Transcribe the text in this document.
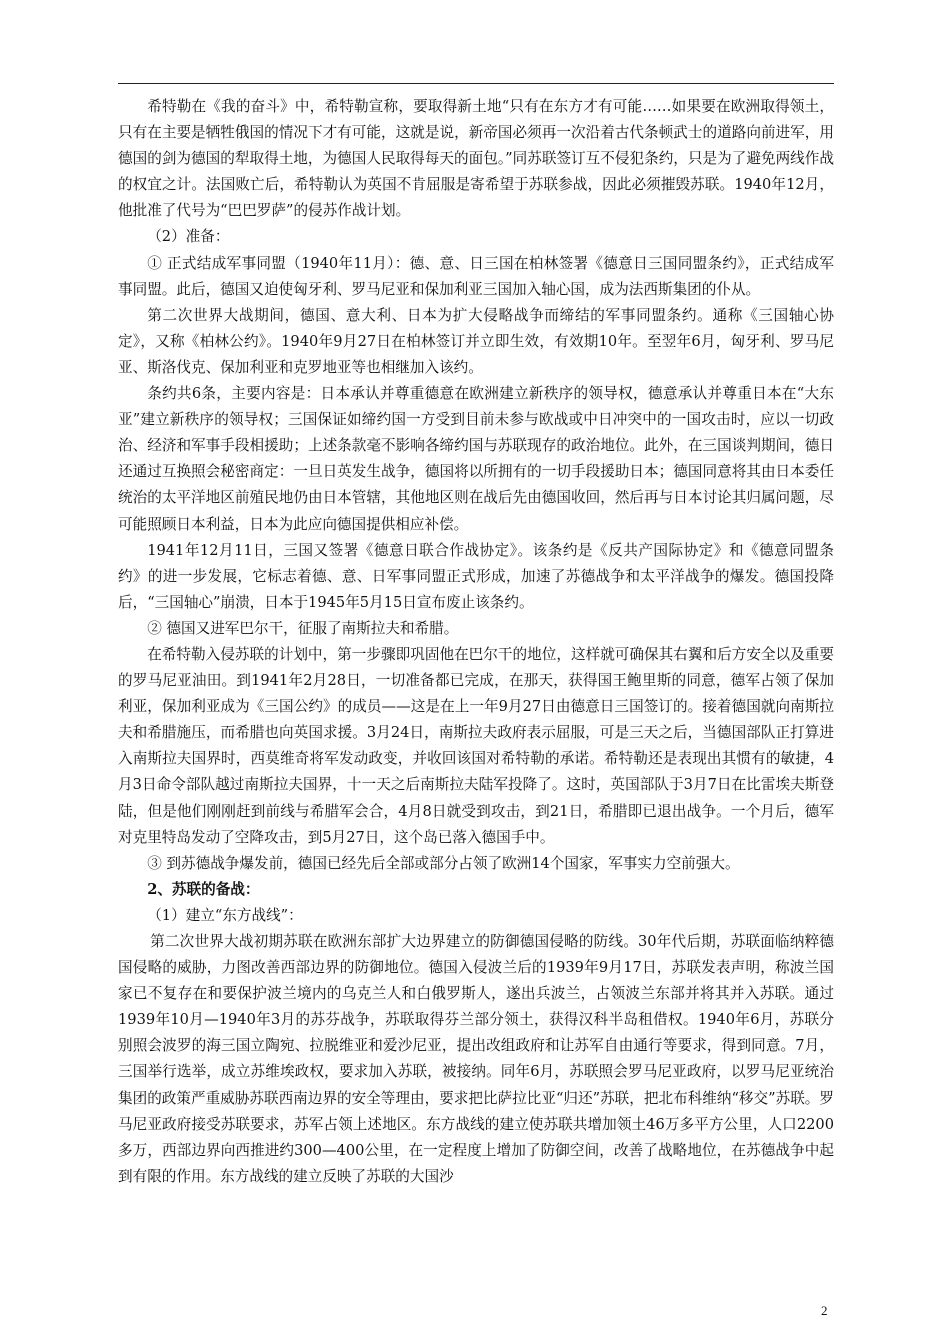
希特勒在《我的奋斗》中，希特勒宣称，要取得新土地“只有在东方才有可能……如果要在欧洲取得领土，只有在主要是牺牲俄国的情况下才有可能，这就是说，新帝国必须再一次沿着古代条顿武士的道路向前进军，用德国的剑为德国的犁取得土地，为德国人民取得每天的面包。”同苏联签订互不侵犯条约，只是为了避免两线作战的权宜之计。法国败亡后，希特勒认为英国不肯屈服是寄希望于苏联参战，因此必须摧毁苏联。1940年12月，他批准了代号为“巴巴罗萨”的侵苏作战计划。

（2）准备：

① 正式结成军事同盟（1940年11月）：德、意、日三国在柏林签署《德意日三国同盟条约》，正式结成军事同盟。此后，德国又迫使匈牙利、罗马尼亚和保加利亚三国加入轴心国，成为法西斯集团的仆从。

第二次世界大战期间，德国、意大利、日本为扩大侵略战争而缔结的军事同盟条约。通称《三国轴心协定》，又称《柏林公约》。1940年9月27日在柏林签订并立即生效，有效期10年。至翌年6月，匈牙利、罗马尼亚、斯洛伐克、保加利亚和克罗地亚等也相继加入该约。

条约共6条，主要内容是：日本承认并尊重德意在欧洲建立新秩序的领导权，德意承认并尊重日本在“大东亚”建立新秩序的领导权；三国保证如缔约国一方受到目前未参与欧战或中日冲突中的一国攻击时，应以一切政治、经济和军事手段相援助；上述条款毫不影响各缔约国与苏联现存的政治地位。此外，在三国谈判期间，德日还通过互换照会秘密商定：一旦日英发生战争，德国将以所拥有的一切手段援助日本；德国同意将其由日本委任统治的太平洋地区前殖民地仍由日本管辖，其他地区则在战后先由德国收回，然后再与日本讨论其归属问题，尽可能照顾日本利益，日本为此应向德国提供相应补偿。

1941年12月11日，三国又签署《德意日联合作战协定》。该条约是《反共产国际协定》和《德意同盟条约》的进一步发展，它标志着德、意、日军事同盟正式形成，加速了苏德战争和太平洋战争的爆发。德国投降后，“三国轴心”崩溃，日本于1945年5月15日宣布废止该条约。

② 德国又进军巴尔干，征服了南斯拉夫和希腊。

在希特勒入侵苏联的计划中，第一步骤即巩固他在巴尔干的地位，这样就可确保其右翼和后方安全以及重要的罗马尼亚油田。到1941年2月28日，一切准备都已完成，在那天，获得国王鲍里斯的同意，德军占领了保加利亚，保加利亚成为《三国公约》的成员——这是在上一年9月27日由德意日三国签订的。接着德国就向南斯拉夫和希腊施压，而希腊也向英国求援。3月24日，南斯拉夫政府表示屈服，可是三天之后，当德国部队正打算进入南斯拉夫国界时，西莫维奇将军发动政变，并收回该国对希特勒的承诺。希特勒还是表现出其惯有的敏捷，4月3日命令部队越过南斯拉夫国界，十一天之后南斯拉夫陆军投降了。这时，英国部队于3月7日在比雷埃夫斯登陆，但是他们刚刚赶到前线与希腊军会合，4月8日就受到攻击，到21日，希腊即已退出战争。一个月后，德军对克里特岛发动了空降攻击，到5月27日，这个岛已落入德国手中。

③ 到苏德战争爆发前，德国已经先后全部或部分占领了欧洲14个国家，军事实力空前强大。

2、苏联的备战：

（1）建立“东方战线”：

第二次世界大战初期苏联在欧洲东部扩大边界建立的防御德国侵略的防线。30年代后期，苏联面临纳粹德国侵略的威胁，力图改善西部边界的防御地位。德国入侵波兰后的1939年9月17日，苏联发表声明，称波兰国家已不复存在和要保护波兰境内的乌克兰人和白俄罗斯人，遂出兵波兰，占领波兰东部并将其并入苏联。通过1939年10月—1940年3月的苏芬战争，苏联取得芬兰部分领土，获得汉科半岛租借权。1940年6月，苏联分别照会波罗的海三国立陶宛、拉脱维亚和爱沙尼亚，提出改组政府和让苏军自由通行等要求，得到同意。7月，三国举行选举，成立苏维埃政权，要求加入苏联，被接纳。同年6月，苏联照会罗马尼亚政府，以罗马尼亚统治集团的政策严重威胁苏联西南边界的安全等理由，要求把比萨拉比亚“归还”苏联，把北布科维纳“移交”苏联。罗马尼亚政府接受苏联要求，苏军占领上述地区。东方战线的建立使苏联共增加领土46万多平方公里，人口2200多万，西部边界向西推进约300—400公里，在一定程度上增加了防御空间，改善了战略地位，在苏德战争中起到有限的作用。东方战线的建立反映了苏联的大国沙

2
